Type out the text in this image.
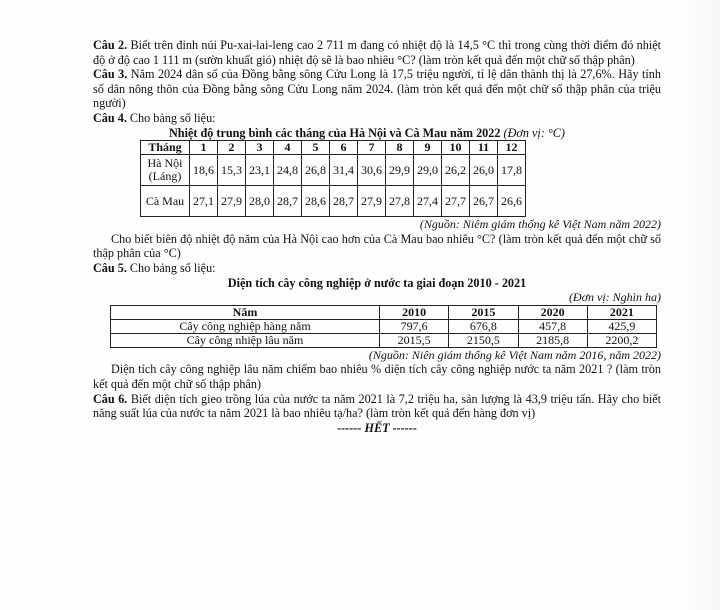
Câu 2. Biết trên đỉnh núi Pu-xai-lai-leng cao 2 711 m đang có nhiệt độ là 14,5 °C thì trong cùng thời điểm đó nhiệt độ ở độ cao 1 111 m (sườn khuất gió) nhiệt độ sẽ là bao nhiêu °C? (làm tròn kết quả đến một chữ số thập phân)

Câu 3. Năm 2024 dân số của Đồng bằng sông Cửu Long là 17,5 triệu người, tỉ lệ dân thành thị là 27,6%. Hãy tính số dân nông thôn của Đồng bằng sông Cửu Long năm 2024. (làm tròn kết quả đến một chữ số thập phân của triệu người)

Câu 4. Cho bảng số liệu:

Nhiệt độ trung bình các tháng của Hà Nội và Cà Mau năm 2022 (Đơn vị: °C)

Tháng	1	2	3	4	5	6	7	8	9	10	11	12
Hà Nội (Láng)	18,6	15,3	23,1	24,8	26,8	31,4	30,6	29,9	29,0	26,2	26,0	17,8
Cà Mau	27,1	27,9	28,0	28,7	28,6	28,7	27,9	27,8	27,4	27,7	26,7	26,6

(Nguồn: Niêm giám thống kê Việt Nam năm 2022)

Cho biết biên độ nhiệt độ năm của Hà Nội cao hơn của Cà Mau bao nhiêu °C? (làm tròn kết quả đến một chữ số thập phân của °C)

Câu 5. Cho bảng số liệu:

Diện tích cây công nghiệp ở nước ta giai đoạn 2010 - 2021

(Đơn vị: Nghìn ha)

Năm	2010	2015	2020	2021
Cây công nghiệp hàng năm	797,6	676,8	457,8	425,9
Cây công nhiệp lâu năm	2015,5	2150,5	2185,8	2200,2

(Nguồn: Niên giám thống kê Việt Nam năm 2016, năm 2022)

Diện tích cây công nghiệp lâu năm chiếm bao nhiêu % diện tích cây công nghiệp nước ta năm 2021 ? (làm tròn kết quả đến một chữ số thập phân)

Câu 6. Biết diện tích gieo trồng lúa của nước ta năm 2021 là 7,2 triệu ha, sản lượng là 43,9 triệu tấn. Hãy cho biết năng suất lúa của nước ta năm 2021 là bao nhiêu tạ/ha? (làm tròn kết quả đến hàng đơn vị)

------ HẾT ------
